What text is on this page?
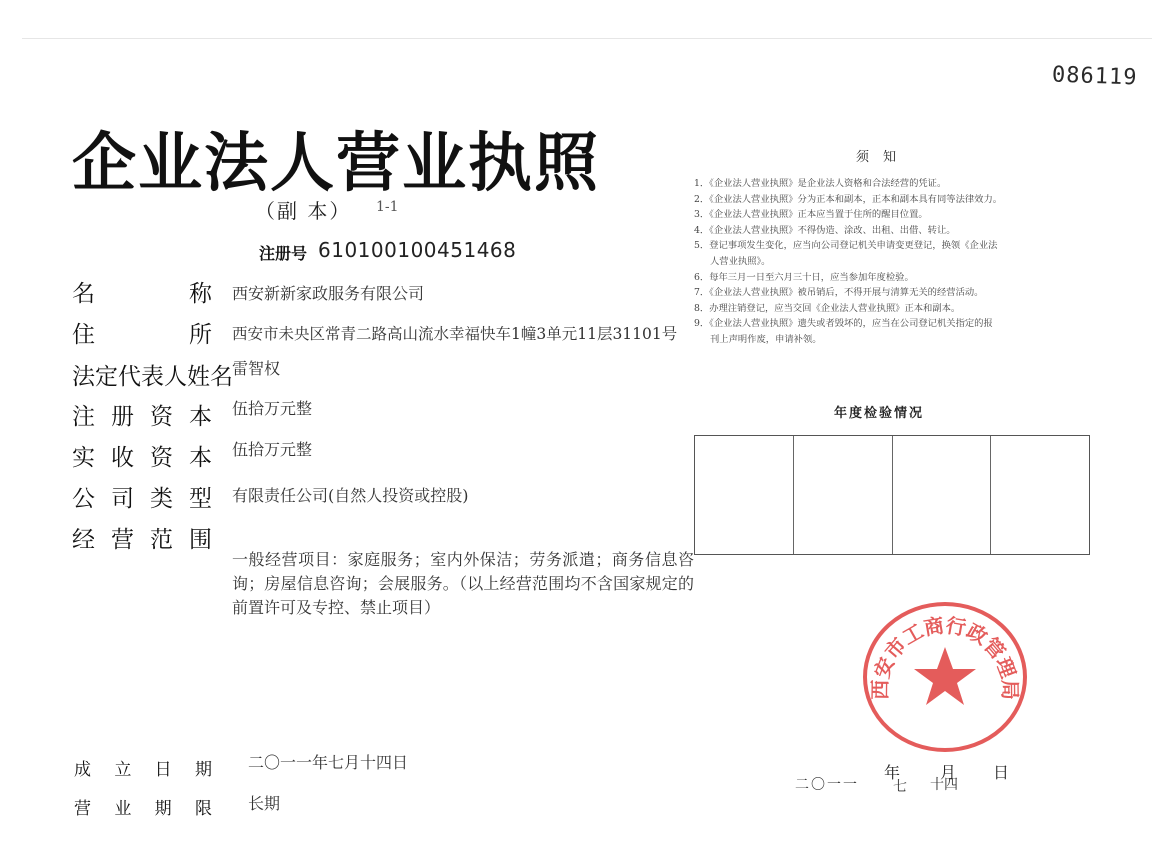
086119
企业法人营业执照
（副 本） 1-1
注册号 610100100451468
名称 西安新新家政服务有限公司
住所 西安市未央区常青二路高山流水幸福快车1幢3单元11层31101号
法定代表人姓名 雷智权
注册资本 伍拾万元整
实收资本 伍拾万元整
公司类型 有限责任公司(自然人投资或控股)
经营范围
一般经营项目：家庭服务；室内外保洁；劳务派遣；商务信息咨询；房屋信息咨询；会展服务。（以上经营范围均不含国家规定的前置许可及专控、禁止项目）
成立日期 二〇一一年七月十四日
营业期限 长期
须知
1．《企业法人营业执照》是企业法人资格和合法经营的凭证。
2．《企业法人营业执照》分为正本和副本，正本和副本具有同等法律效力。
3．《企业法人营业执照》正本应当置于住所的醒目位置。
4．《企业法人营业执照》不得伪造、涂改、出租、出借、转让。
5．登记事项发生变化，应当向公司登记机关申请变更登记，换领《企业法
人营业执照》。
6．每年三月一日至六月三十日，应当参加年度检验。
7．《企业法人营业执照》被吊销后，不得开展与清算无关的经营活动。
8．办理注销登记，应当交回《企业法人营业执照》正本和副本。
9．《企业法人营业执照》遗失或者毁坏的，应当在公司登记机关指定的报
刊上声明作废，申请补领。
年度检验情况
西安市工商行政管理局
二〇一一
年
七
月
十四
日
